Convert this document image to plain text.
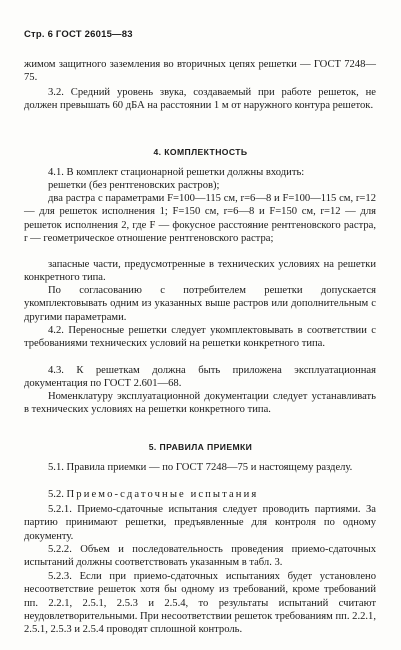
Стр. 6 ГОСТ 26015—83

жимом защитного заземления во вторичных цепях решетки — ГОСТ 7248—75.

3.2. Средний уровень звука, создаваемый при работе решеток, не должен превышать 60 дБА на расстоянии 1 м от наружного контура решеток.

4. КОМПЛЕКТНОСТЬ

4.1. В комплект стационарной решетки должны входить:

решетки (без рентгеновских растров);

два растра с параметрами F=100—115 см, r=6—8 и F=100—115 см, r=12 — для решеток исполнения 1; F=150 см, r=6—8 и F=150 см, r=12 — для решеток исполнения 2, где F — фокусное расстояние рентгеновского растра, r — геометрическое отношение рентгеновского растра;

запасные части, предусмотренные в технических условиях на решетки конкретного типа.

По согласованию с потребителем решетки допускается укомплектовывать одним из указанных выше растров или дополнительным с другими параметрами.

4.2. Переносные решетки следует укомплектовывать в соответствии с требованиями технических условий на решетки конкретного типа.

4.3. К решеткам должна быть приложена эксплуатационная документация по ГОСТ 2.601—68.

Номенклатуру эксплуатационной документации следует устанавливать в технических условиях на решетки конкретного типа.

5. ПРАВИЛА ПРИЕМКИ

5.1. Правила приемки — по ГОСТ 7248—75 и настоящему разделу.

5.2. Приемо-сдаточные испытания

5.2.1. Приемо-сдаточные испытания следует проводить партиями. За партию принимают решетки, предъявленные для контроля по одному документу.

5.2.2. Объем и последовательность проведения приемо-сдаточных испытаний должны соответствовать указанным в табл. 3.

5.2.3. Если при приемо-сдаточных испытаниях будет установлено несоответствие решеток хотя бы одному из требований, кроме требований пп. 2.2.1, 2.5.1, 2.5.3 и 2.5.4, то результаты испытаний считают неудовлетворительными. При несоответствии решеток требованиям пп. 2.2.1, 2.5.1, 2.5.3 и 2.5.4 проводят сплошной контроль.
